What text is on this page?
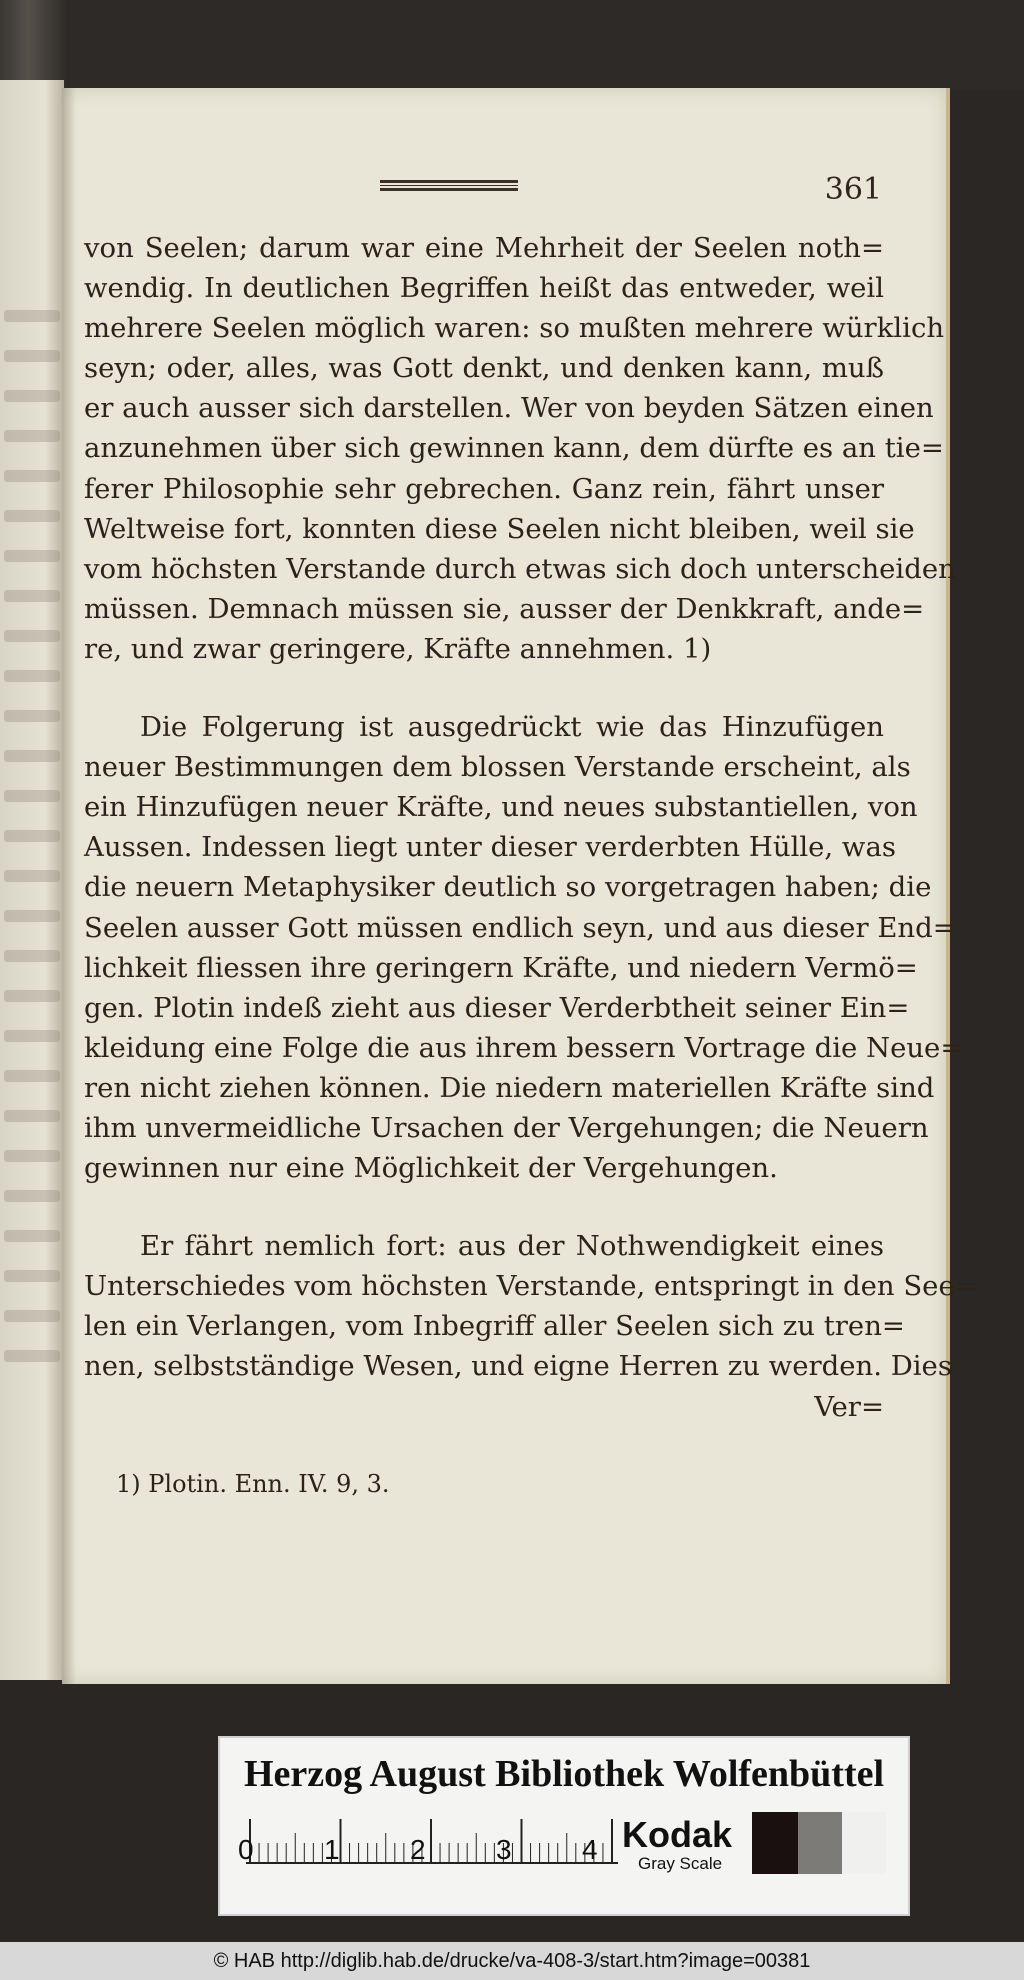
361
von Seelen; darum war eine Mehrheit der Seelen noth=
wendig. In deutlichen Begriffen heißt das entweder, weil
mehrere Seelen möglich waren: so mußten mehrere würklich
seyn; oder, alles, was Gott denkt, und denken kann, muß
er auch ausser sich darstellen. Wer von beyden Sätzen einen
anzunehmen über sich gewinnen kann, dem dürfte es an tie=
ferer Philosophie sehr gebrechen. Ganz rein, fährt unser
Weltweise fort, konnten diese Seelen nicht bleiben, weil sie
vom höchsten Verstande durch etwas sich doch unterscheiden
müssen. Demnach müssen sie, ausser der Denkkraft, ande=
re, und zwar geringere, Kräfte annehmen. 1)
Die Folgerung ist ausgedrückt wie das Hinzufügen
neuer Bestimmungen dem blossen Verstande erscheint, als
ein Hinzufügen neuer Kräfte, und neues substantiellen, von
Aussen. Indessen liegt unter dieser verderbten Hülle, was
die neuern Metaphysiker deutlich so vorgetragen haben; die
Seelen ausser Gott müssen endlich seyn, und aus dieser End=
lichkeit fliessen ihre geringern Kräfte, und niedern Vermö=
gen. Plotin indeß zieht aus dieser Verderbtheit seiner Ein=
kleidung eine Folge die aus ihrem bessern Vortrage die Neue=
ren nicht ziehen können. Die niedern materiellen Kräfte sind
ihm unvermeidliche Ursachen der Vergehungen; die Neuern
gewinnen nur eine Möglichkeit der Vergehungen.
Er fährt nemlich fort: aus der Nothwendigkeit eines
Unterschiedes vom höchsten Verstande, entspringt in den See=
len ein Verlangen, vom Inbegriff aller Seelen sich zu tren=
nen, selbstständige Wesen, und eigne Herren zu werden. Dies
Ver=
1) Plotin. Enn. IV. 9, 3.
Herzog August Bibliothek Wolfenbüttel
0	1	2	3	4 Kodak
Gray Scale
© HAB http://diglib.hab.de/drucke/va-408-3/start.htm?image=00381
